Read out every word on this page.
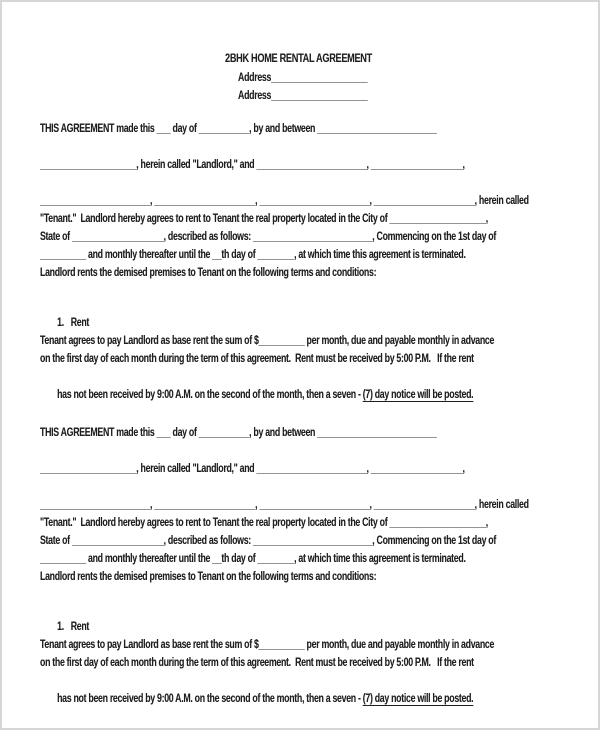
2BHK HOME RENTAL AGREEMENT
Address_____________________
Address_____________________
THIS AGREEMENT made this ___ day of ___________, by and between __________________________
_____________________, herein called "Landlord," and ________________________, ____________________,
________________________, ______________________, ________________________, ______________________, herein called
"Tenant."  Landlord hereby agrees to rent to Tenant the real property located in the City of _____________________,
State of ____________________, described as follows: __________________________, Commencing on the 1st day of
__________ and monthly thereafter until the __th day of ________, at which time this agreement is terminated.
Landlord rents the demised premises to Tenant on the following terms and conditions:

1. Rent

Tenant agrees to pay Landlord as base rent the sum of $__________ per month, due and payable monthly in advance
on the first day of each month during the term of this agreement.  Rent must be received by 5:00 P.M.   If the rent

has not been received by 9:00 A.M. on the second of the month, then a seven - (7) day notice will be posted.

THIS AGREEMENT made this ___ day of ___________, by and between __________________________
_____________________, herein called "Landlord," and ________________________, ____________________,
________________________, ______________________, ________________________, ______________________, herein called
"Tenant."  Landlord hereby agrees to rent to Tenant the real property located in the City of _____________________,
State of ____________________, described as follows: __________________________, Commencing on the 1st day of
__________ and monthly thereafter until the __th day of ________, at which time this agreement is terminated.
Landlord rents the demised premises to Tenant on the following terms and conditions:

1. Rent

Tenant agrees to pay Landlord as base rent the sum of $__________ per month, due and payable monthly in advance
on the first day of each month during the term of this agreement.  Rent must be received by 5:00 P.M.   If the rent

has not been received by 9:00 A.M. on the second of the month, then a seven - (7) day notice will be posted.
